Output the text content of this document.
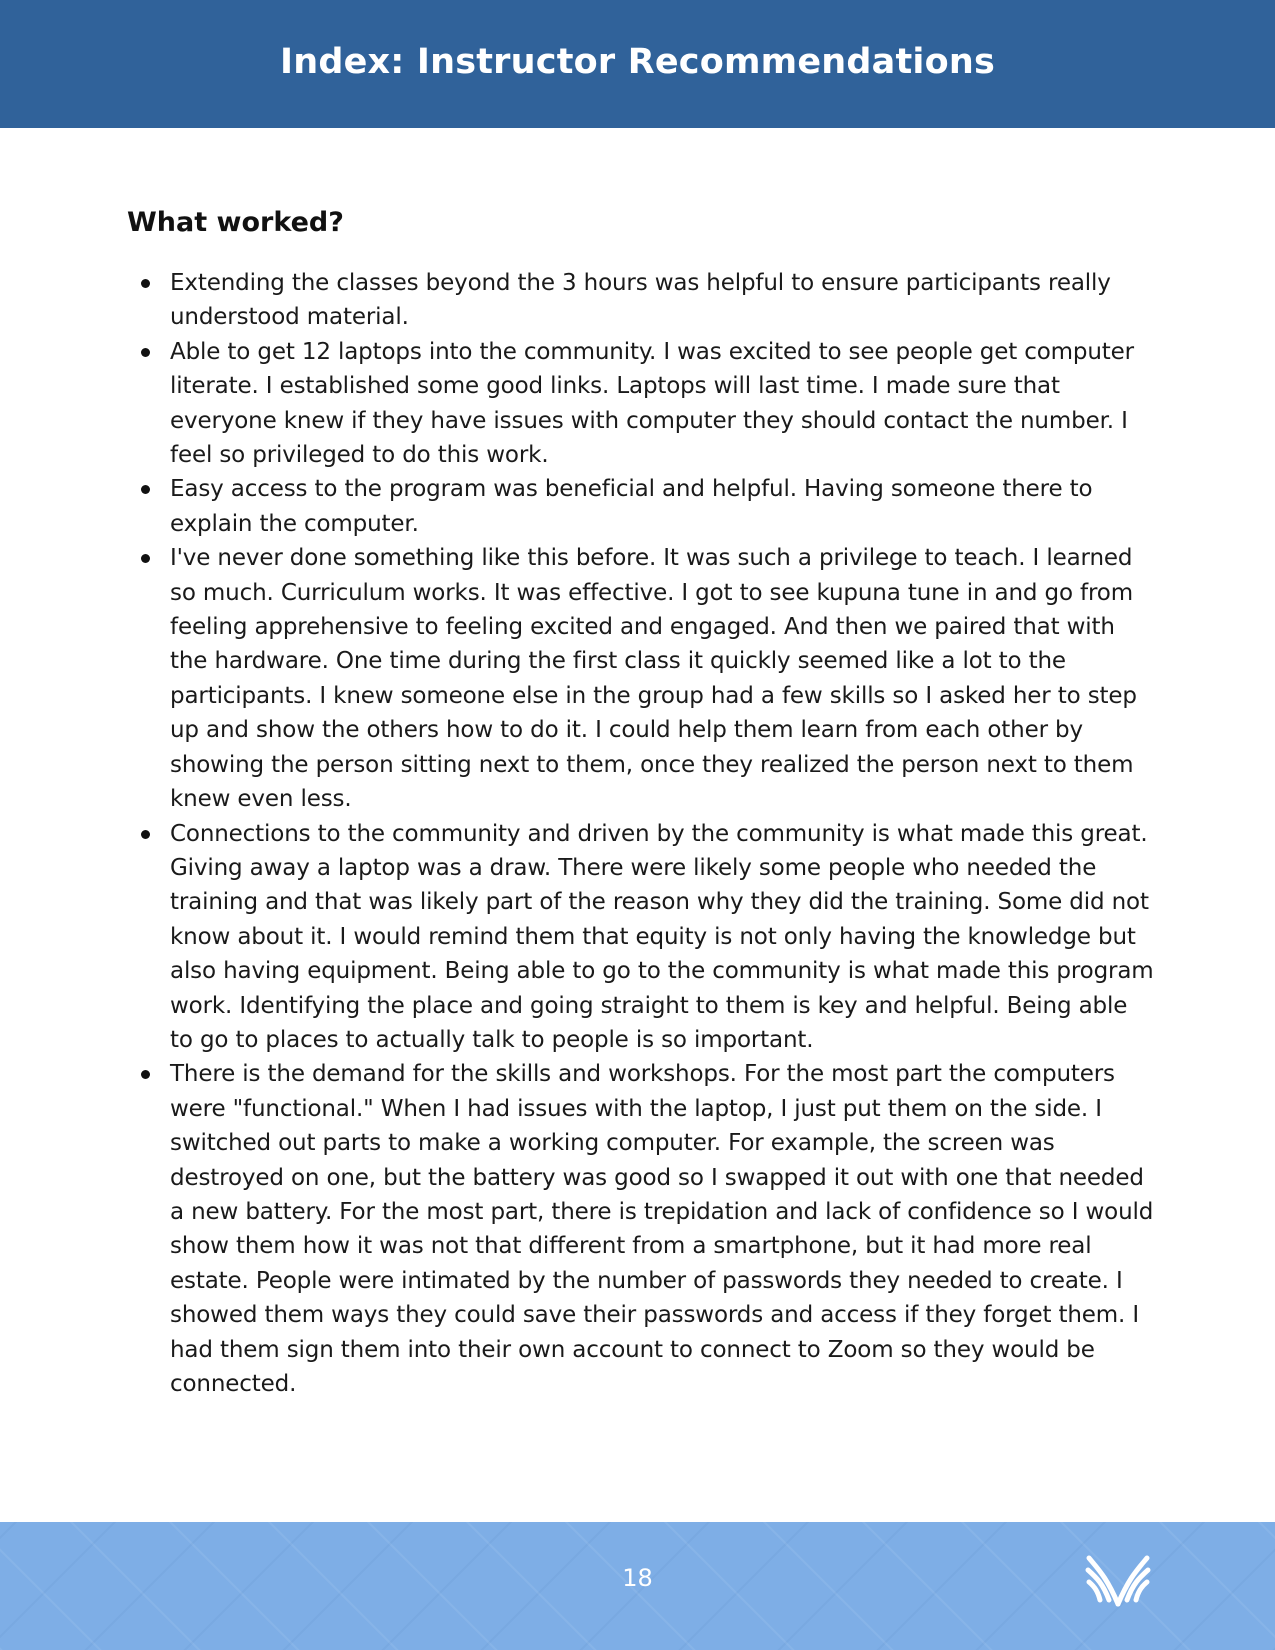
Index: Instructor Recommendations
What worked?
Extending the classes beyond the 3 hours was helpful to ensure participants really understood material.
Able to get 12 laptops into the community. I was excited to see people get computer literate. I established some good links. Laptops will last time. I made sure that everyone knew if they have issues with computer they should contact the number. I feel so privileged to do this work.
Easy access to the program was beneficial and helpful. Having someone there to explain the computer.
I've never done something like this before. It was such a privilege to teach. I learned so much. Curriculum works. It was effective. I got to see kupuna tune in and go from feeling apprehensive to feeling excited and engaged. And then we paired that with the hardware. One time during the first class it quickly seemed like a lot to the participants. I knew someone else in the group had a few skills so I asked her to step up and show the others how to do it. I could help them learn from each other by showing the person sitting next to them, once they realized the person next to them knew even less.
Connections to the community and driven by the community is what made this great. Giving away a laptop was a draw. There were likely some people who needed the training and that was likely part of the reason why they did the training. Some did not know about it. I would remind them that equity is not only having the knowledge but also having equipment. Being able to go to the community is what made this program work. Identifying the place and going straight to them is key and helpful. Being able to go to places to actually talk to people is so important.
There is the demand for the skills and workshops. For the most part the computers were "functional." When I had issues with the laptop, I just put them on the side. I switched out parts to make a working computer. For example, the screen was destroyed on one, but the battery was good so I swapped it out with one that needed a new battery. For the most part, there is trepidation and lack of confidence so I would show them how it was not that different from a smartphone, but it had more real estate. People were intimated by the number of passwords they needed to create. I showed them ways they could save their passwords and access if they forget them. I had them sign them into their own account to connect to Zoom so they would be connected.
18
